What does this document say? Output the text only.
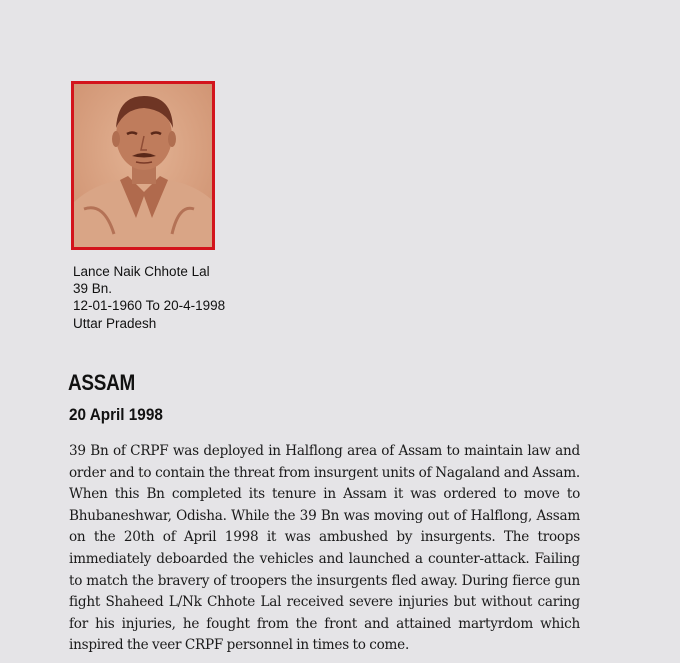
Lance Naik Chhote Lal
39 Bn.
12-01-1960 To 20-4-1998
Uttar Pradesh
ASSAM
20 April 1998

39 Bn of CRPF was deployed in Halflong area of Assam to maintain law and order and to contain the threat from insurgent units of Nagaland and Assam. When this Bn completed its tenure in Assam it was ordered to move to Bhubaneshwar, Odisha. While the 39 Bn was moving out of Halflong, Assam on the 20th of April 1998 it was ambushed by insurgents. The troops immediately deboarded the vehicles and launched a counter-attack. Failing to match the bravery of troopers the insurgents fled away. During fierce gun fight Shaheed L/Nk Chhote Lal received severe injuries but without caring for his injuries, he fought from the front and attained martyrdom which inspired the veer CRPF personnel in times to come.
